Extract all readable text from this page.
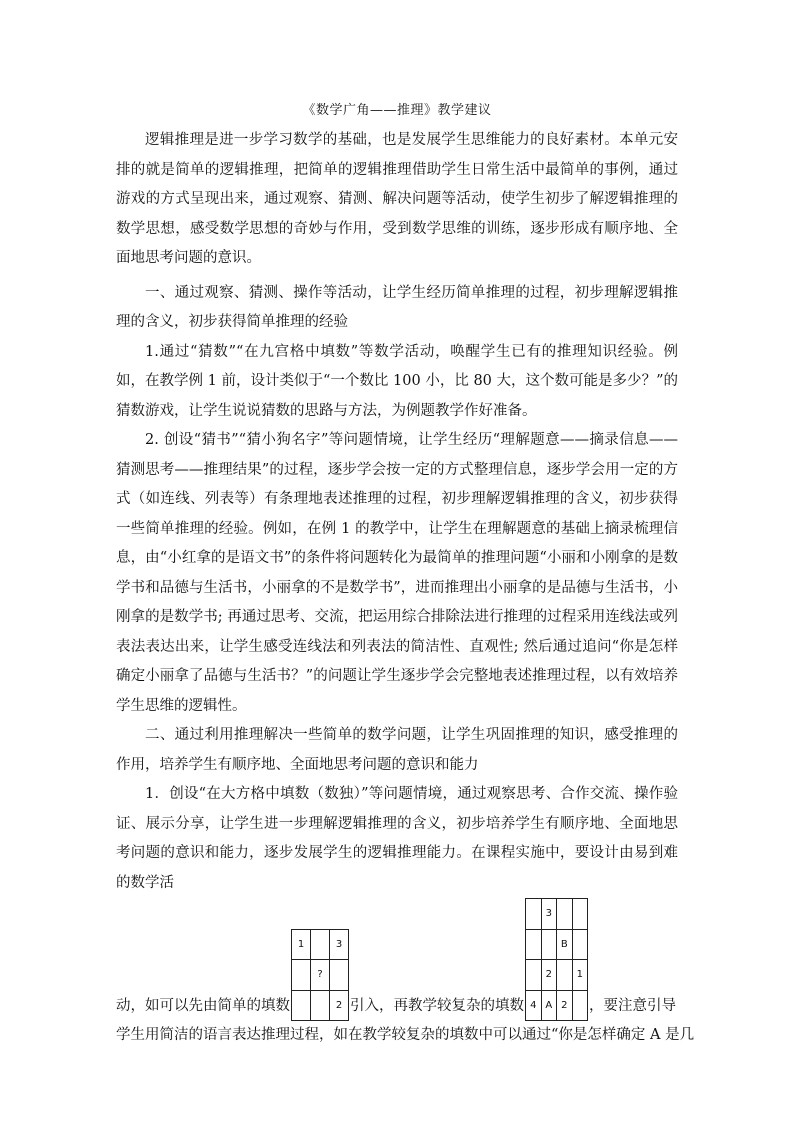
《数学广角——推理》教学建议

逻辑推理是进一步学习数学的基础，也是发展学生思维能力的良好素材。本单元安排的就是简单的逻辑推理，把简单的逻辑推理借助学生日常生活中最简单的事例，通过游戏的方式呈现出来，通过观察、猜测、解决问题等活动，使学生初步了解逻辑推理的数学思想，感受数学思想的奇妙与作用，受到数学思维的训练，逐步形成有顺序地、全面地思考问题的意识。

一、通过观察、猜测、操作等活动，让学生经历简单推理的过程，初步理解逻辑推理的含义，初步获得简单推理的经验

1.通过“猜数”“在九宫格中填数”等数学活动，唤醒学生已有的推理知识经验。例如，在教学例 1 前，设计类似于“一个数比 100 小，比 80 大，这个数可能是多少？”的猜数游戏，让学生说说猜数的思路与方法，为例题教学作好准备。

2. 创设“猜书”“猜小狗名字”等问题情境，让学生经历“理解题意——摘录信息——猜测思考——推理结果”的过程，逐步学会按一定的方式整理信息，逐步学会用一定的方式（如连线、列表等）有条理地表述推理的过程，初步理解逻辑推理的含义，初步获得一些简单推理的经验。例如，在例 1 的教学中，让学生在理解题意的基础上摘录梳理信息，由“小红拿的是语文书”的条件将问题转化为最简单的推理问题“小丽和小刚拿的是数学书和品德与生活书，小丽拿的不是数学书”，进而推理出小丽拿的是品德与生活书，小刚拿的是数学书; 再通过思考、交流，把运用综合排除法进行推理的过程采用连线法或列表法表达出来，让学生感受连线法和列表法的简洁性、直观性; 然后通过追问“你是怎样确定小丽拿了品德与生活书？”的问题让学生逐步学会完整地表述推理过程，以有效培养学生思维的逻辑性。

二、通过利用推理解决一些简单的数学问题，让学生巩固推理的知识，感受推理的作用，培养学生有顺序地、全面地思考问题的意识和能力

1．创设“在大方格中填数（数独）”等问题情境，通过观察思考、合作交流、操作验证、展示分享，让学生进一步理解逻辑推理的含义，初步培养学生有顺序地、全面地思考问题的意识和能力，逐步发展学生的逻辑推理能力。在课程实施中，要设计由易到难的数学活

动，如可以先由简单的填数
1		3
	?	
		2 引入，再教学较复杂的填数
	3		
		B	
	2		1
4	A	2	，要注意引导

学生用简洁的语言表达推理过程，如在教学较复杂的填数中可以通过“你是怎样确定 A 是几
